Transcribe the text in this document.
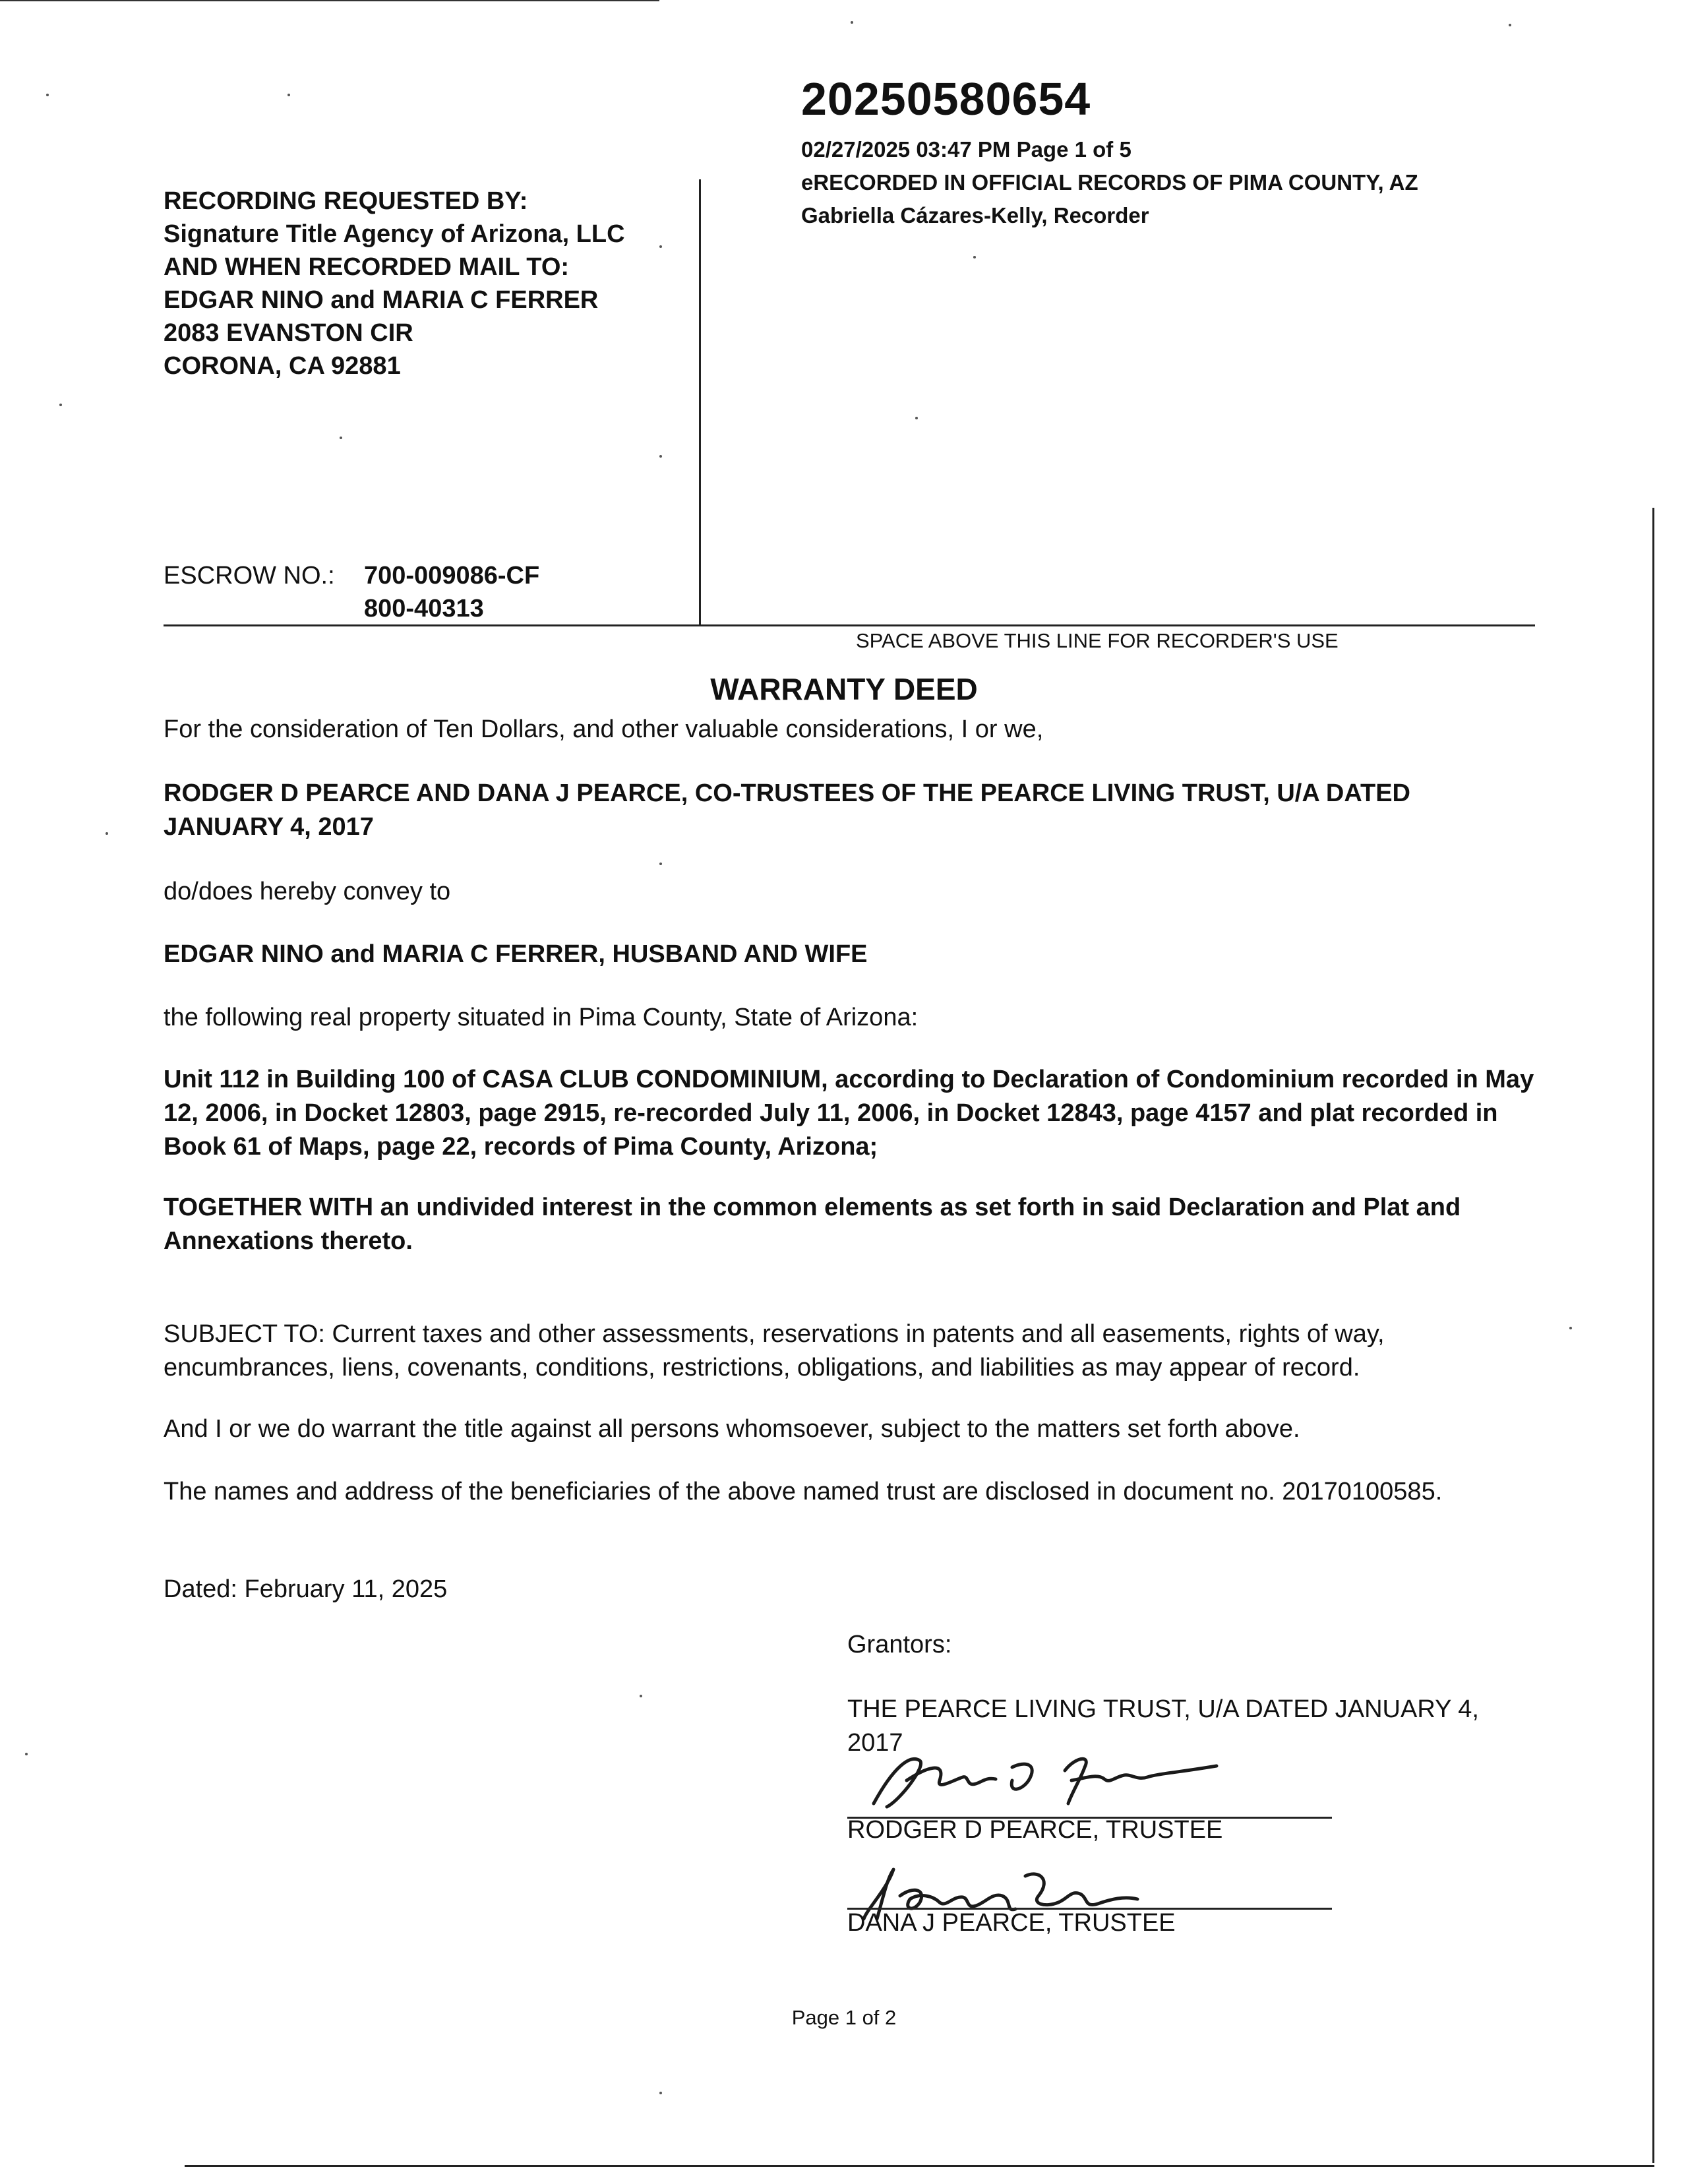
20250580654
02/27/2025 03:47 PM Page 1 of 5
eRECORDED IN OFFICIAL RECORDS OF PIMA COUNTY, AZ
Gabriella Cázares-Kelly, Recorder
RECORDING REQUESTED BY:
Signature Title Agency of Arizona, LLC
AND WHEN RECORDED MAIL TO:
EDGAR NINO and MARIA C FERRER
2083 EVANSTON CIR
CORONA, CA 92881
ESCROW NO.: 700-009086-CF
800-40313
SPACE ABOVE THIS LINE FOR RECORDER'S USE
WARRANTY DEED
For the consideration of Ten Dollars, and other valuable considerations, I or we,
RODGER D PEARCE AND DANA J PEARCE, CO-TRUSTEES OF THE PEARCE LIVING TRUST, U/A DATED JANUARY 4, 2017
do/does hereby convey to
EDGAR NINO and MARIA C FERRER, HUSBAND AND WIFE
the following real property situated in Pima County, State of Arizona:
Unit 112 in Building 100 of CASA CLUB CONDOMINIUM, according to Declaration of Condominium recorded in May 12, 2006, in Docket 12803, page 2915, re-recorded July 11, 2006, in Docket 12843, page 4157 and plat recorded in Book 61 of Maps, page 22, records of Pima County, Arizona;
TOGETHER WITH an undivided interest in the common elements as set forth in said Declaration and Plat and Annexations thereto.
SUBJECT TO: Current taxes and other assessments, reservations in patents and all easements, rights of way, encumbrances, liens, covenants, conditions, restrictions, obligations, and liabilities as may appear of record.
And I or we do warrant the title against all persons whomsoever, subject to the matters set forth above.
The names and address of the beneficiaries of the above named trust are disclosed in document no. 20170100585.
Dated: February 11, 2025
Grantors:
THE PEARCE LIVING TRUST, U/A DATED JANUARY 4, 2017
RODGER D PEARCE, TRUSTEE
DANA J PEARCE, TRUSTEE
Page 1 of 2
